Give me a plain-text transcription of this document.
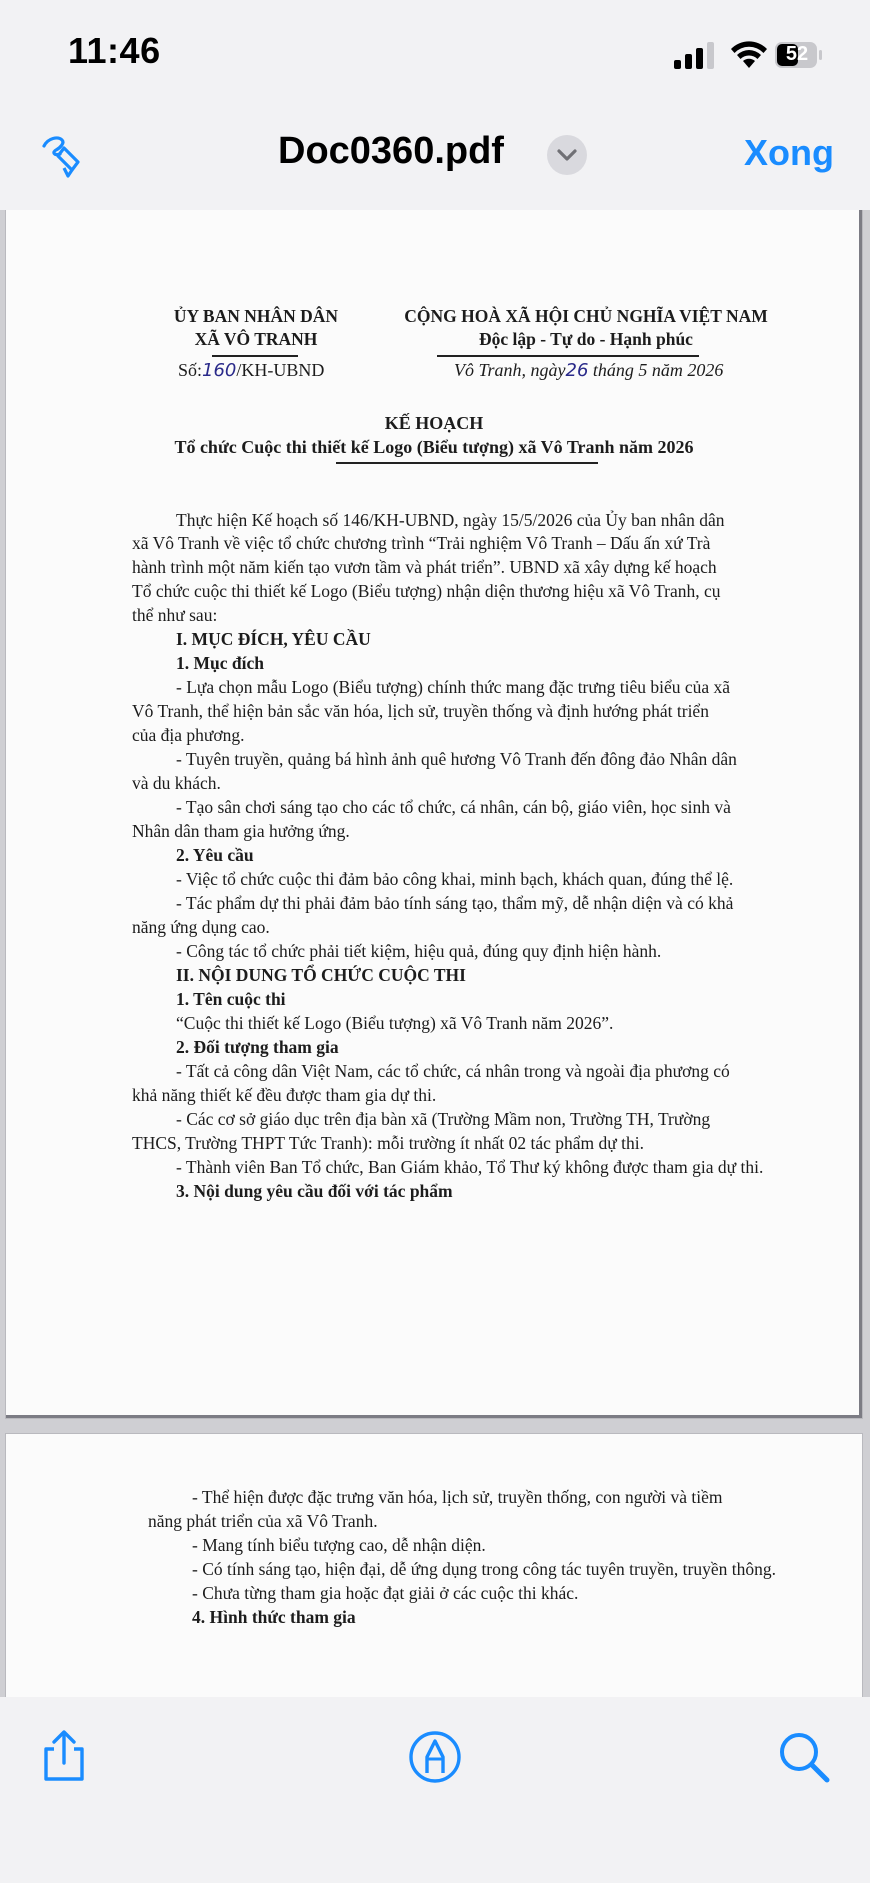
11:46	52
Doc0360.pdf	Xong
ỦY BAN NHÂN DÂN
XÃ VÔ TRANH
Số:160/KH-UBND
CỘNG HOÀ XÃ HỘI CHỦ NGHĨA VIỆT NAM
Độc lập - Tự do - Hạnh phúc
Vô Tranh, ngày26 tháng 5 năm 2026
KẾ HOẠCH
Tổ chức Cuộc thi thiết kế Logo (Biểu tượng) xã Vô Tranh năm 2026
Thực hiện Kế hoạch số 146/KH-UBND, ngày 15/5/2026 của Ủy ban nhân dân
xã Vô Tranh về việc tổ chức chương trình “Trải nghiệm Vô Tranh – Dấu ấn xứ Trà
hành trình một năm kiến tạo vươn tầm và phát triển”. UBND xã xây dựng kế hoạch
Tổ chức cuộc thi thiết kế Logo (Biểu tượng) nhận diện thương hiệu xã Vô Tranh, cụ
thể như sau:
I. MỤC ĐÍCH, YÊU CẦU
1. Mục đích
- Lựa chọn mẫu Logo (Biểu tượng) chính thức mang đặc trưng tiêu biểu của xã
Vô Tranh, thể hiện bản sắc văn hóa, lịch sử, truyền thống và định hướng phát triển
của địa phương.
- Tuyên truyền, quảng bá hình ảnh quê hương Vô Tranh đến đông đảo Nhân dân
và du khách.
- Tạo sân chơi sáng tạo cho các tổ chức, cá nhân, cán bộ, giáo viên, học sinh và
Nhân dân tham gia hưởng ứng.
2. Yêu cầu
- Việc tổ chức cuộc thi đảm bảo công khai, minh bạch, khách quan, đúng thể lệ.
- Tác phẩm dự thi phải đảm bảo tính sáng tạo, thẩm mỹ, dễ nhận diện và có khả
năng ứng dụng cao.
- Công tác tổ chức phải tiết kiệm, hiệu quả, đúng quy định hiện hành.
II. NỘI DUNG TỔ CHỨC CUỘC THI
1. Tên cuộc thi
“Cuộc thi thiết kế Logo (Biểu tượng) xã Vô Tranh năm 2026”.
2. Đối tượng tham gia
- Tất cả công dân Việt Nam, các tổ chức, cá nhân trong và ngoài địa phương có
khả năng thiết kế đều được tham gia dự thi.
- Các cơ sở giáo dục trên địa bàn xã (Trường Mầm non, Trường TH, Trường
THCS, Trường THPT Tức Tranh): mỗi trường ít nhất 02 tác phẩm dự thi.
- Thành viên Ban Tổ chức, Ban Giám khảo, Tổ Thư ký không được tham gia dự thi.
3. Nội dung yêu cầu đối với tác phẩm
- Thể hiện được đặc trưng văn hóa, lịch sử, truyền thống, con người và tiềm
năng phát triển của xã Vô Tranh.
- Mang tính biểu tượng cao, dễ nhận diện.
- Có tính sáng tạo, hiện đại, dễ ứng dụng trong công tác tuyên truyền, truyền thông.
- Chưa từng tham gia hoặc đạt giải ở các cuộc thi khác.
4. Hình thức tham gia
